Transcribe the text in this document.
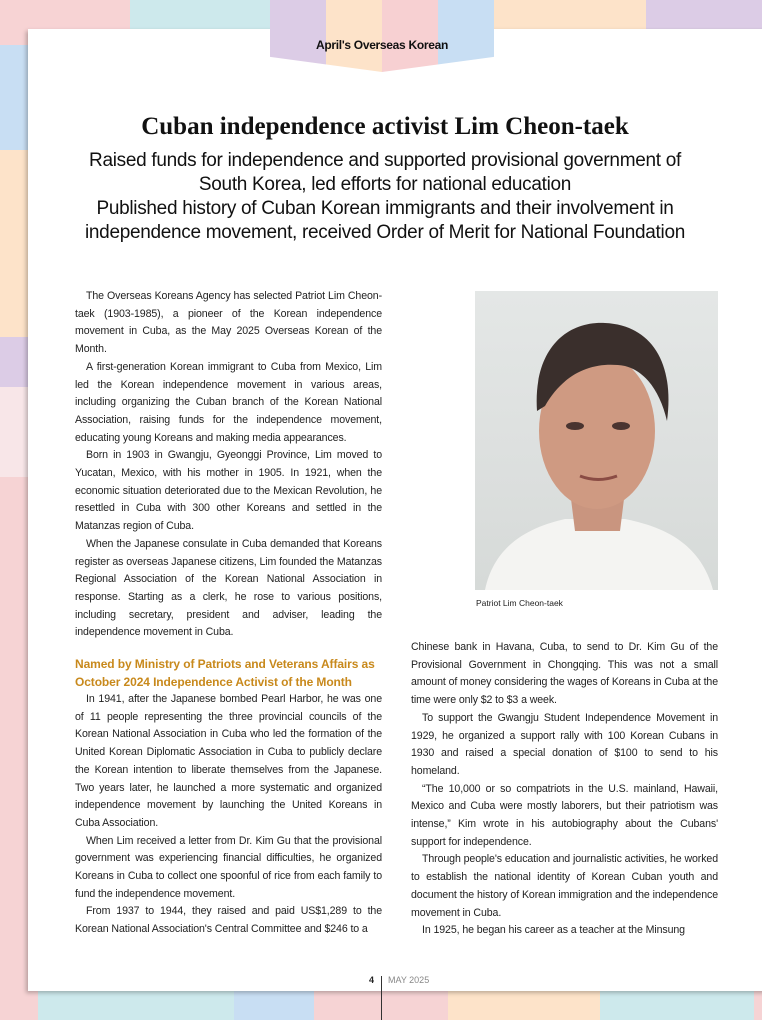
April's Overseas Korean
Cuban independence activist Lim Cheon-taek
Raised funds for independence and supported provisional government of
South Korea, led efforts for national education
Published history of Cuban Korean immigrants and their involvement in
independence movement, received Order of Merit for National Foundation

The Overseas Koreans Agency has selected Patriot Lim Cheon-taek (1903-1985), a pioneer of the Korean independence movement in Cuba, as the May 2025 Overseas Korean of the Month.

A first-generation Korean immigrant to Cuba from Mexico, Lim led the Korean independence movement in various areas, including organizing the Cuban branch of the Korean National Association, raising funds for the independence movement, educating young Koreans and making media appearances.

Born in 1903 in Gwangju, Gyeonggi Province, Lim moved to Yucatan, Mexico, with his mother in 1905. In 1921, when the economic situation deteriorated due to the Mexican Revolution, he resettled in Cuba with 300 other Koreans and settled in the Matanzas region of Cuba.

When the Japanese consulate in Cuba demanded that Koreans register as overseas Japanese citizens, Lim founded the Matanzas Regional Association of the Korean National Association in response. Starting as a clerk, he rose to various positions, including secretary, president and adviser, leading the independence movement in Cuba.

Named by Ministry of Patriots and Veterans Affairs as October 2024 Independence Activist of the Month

In 1941, after the Japanese bombed Pearl Harbor, he was one of 11 people representing the three provincial councils of the Korean National Association in Cuba who led the formation of the United Korean Diplomatic Association in Cuba to publicly declare the Korean intention to liberate themselves from the Japanese. Two years later, he launched a more systematic and organized independence movement by launching the United Koreans in Cuba Association.

When Lim received a letter from Dr. Kim Gu that the provisional government was experiencing financial difficulties, he organized Koreans in Cuba to collect one spoonful of rice from each family to fund the independence movement.

From 1937 to 1944, they raised and paid US$1,289 to the Korean National Association's Central Committee and $246 to a

Patriot Lim Cheon-taek

Chinese bank in Havana, Cuba, to send to Dr. Kim Gu of the Provisional Government in Chongqing. This was not a small amount of money considering the wages of Koreans in Cuba at the time were only $2 to $3 a week.

To support the Gwangju Student Independence Movement in 1929, he organized a support rally with 100 Korean Cubans in 1930 and raised a special donation of $100 to send to his homeland.

“The 10,000 or so compatriots in the U.S. mainland, Hawaii, Mexico and Cuba were mostly laborers, but their patriotism was intense,” Kim wrote in his autobiography about the Cubans' support for independence.

Through people's education and journalistic activities, he worked to establish the national identity of Korean Cuban youth and document the history of Korean immigration and the independence movement in Cuba.

In 1925, he began his career as a teacher at the Minsung

4 MAY 2025
